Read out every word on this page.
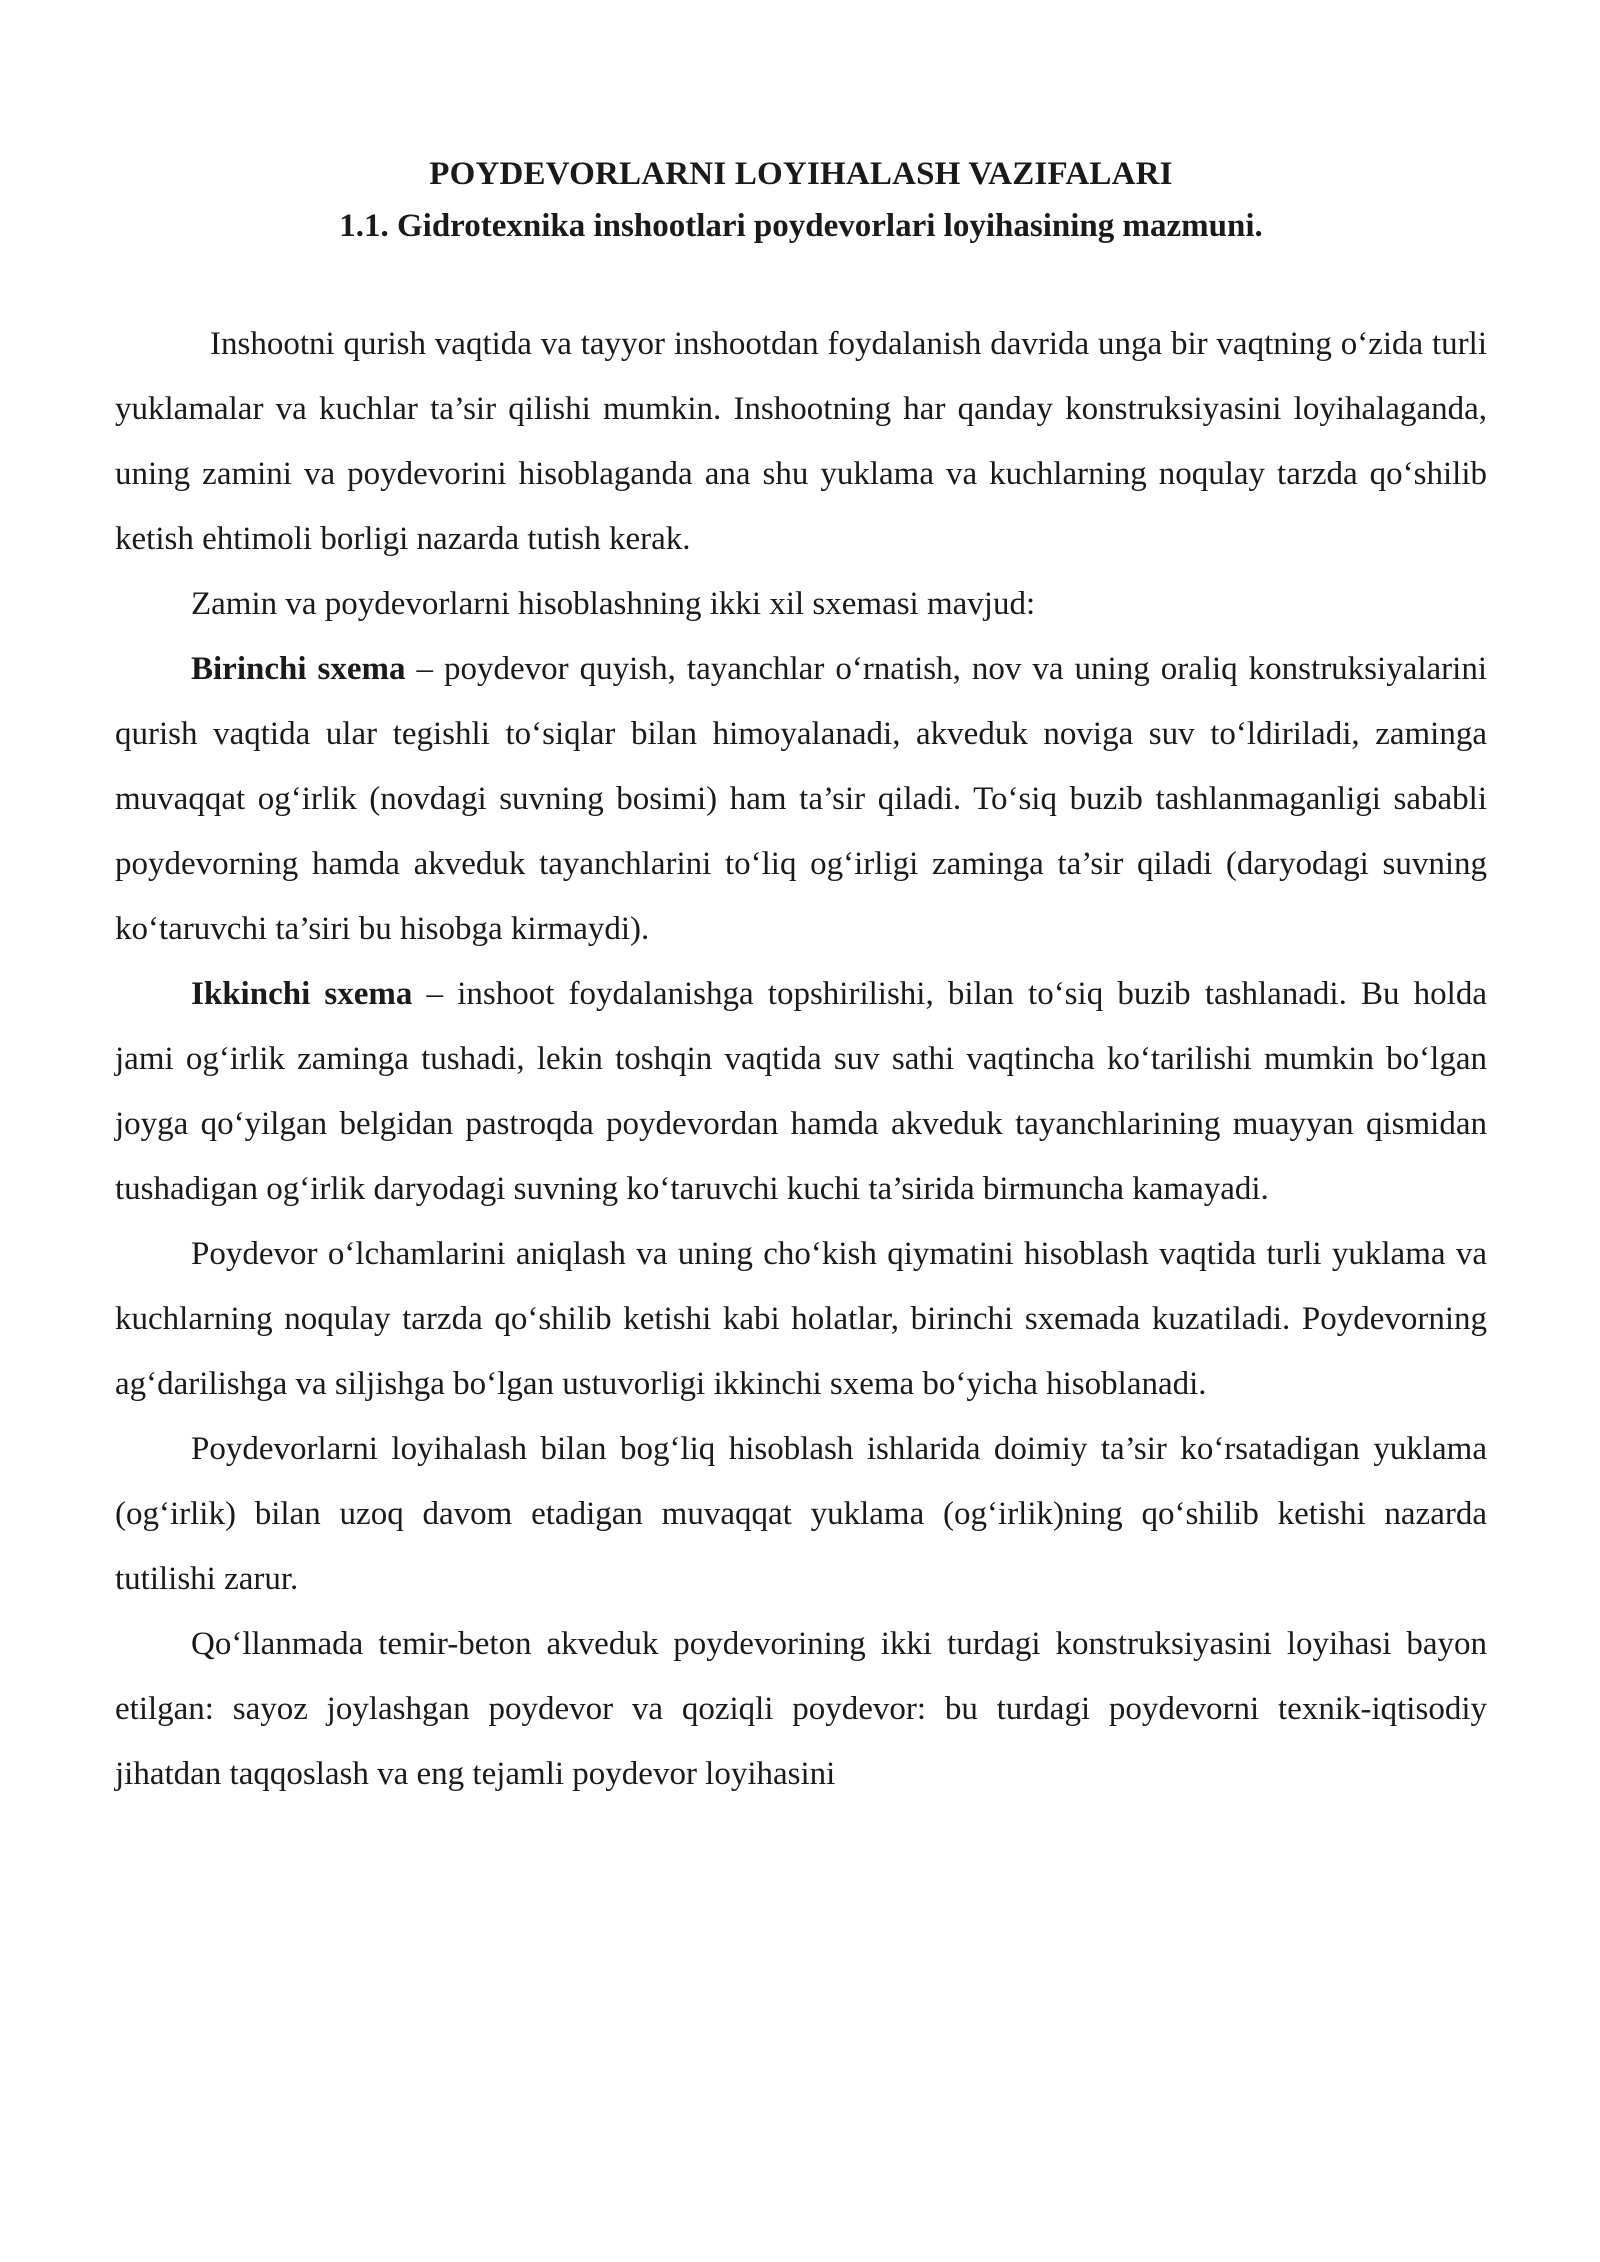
POYDEVORLARNI LOYIHALASH VAZIFALARI
1.1. Gidrotexnika inshootlari poydevorlari loyihasining mazmuni.

Inshootni qurish vaqtida va tayyor inshootdan foydalanish davrida unga bir vaqtning o‘zida turli yuklamalar va kuchlar ta’sir qilishi mumkin. Inshootning har qanday konstruksiyasini loyihalaganda, uning zamini va poydevorini hisoblaganda ana shu yuklama va kuchlarning noqulay tarzda qo‘shilib ketish ehtimoli borligi nazarda tutish kerak.

Zamin va poydevorlarni hisoblashning ikki xil sxemasi mavjud:

Birinchi sxema – poydevor quyish, tayanchlar o‘rnatish, nov va uning oraliq konstruksiyalarini qurish vaqtida ular tegishli to‘siqlar bilan himoyalanadi, akveduk noviga suv to‘ldiriladi, zaminga muvaqqat og‘irlik (novdagi suvning bosimi) ham ta’sir qiladi. To‘siq buzib tashlanmaganligi sababli poydevorning hamda akveduk tayanchlarini to‘liq og‘irligi zaminga ta’sir qiladi (daryodagi suvning ko‘taruvchi ta’siri bu hisobga kirmaydi).

Ikkinchi sxema – inshoot foydalanishga topshirilishi, bilan to‘siq buzib tashlanadi. Bu holda jami og‘irlik zaminga tushadi, lekin toshqin vaqtida suv sathi vaqtincha ko‘tarilishi mumkin bo‘lgan joyga qo‘yilgan belgidan pastroqda poydevordan hamda akveduk tayanchlarining muayyan qismidan tushadigan og‘irlik daryodagi suvning ko‘taruvchi kuchi ta’sirida birmuncha kamayadi.

Poydevor o‘lchamlarini aniqlash va uning cho‘kish qiymatini hisoblash vaqtida turli yuklama va kuchlarning noqulay tarzda qo‘shilib ketishi kabi holatlar, birinchi sxemada kuzatiladi. Poydevorning ag‘darilishga va siljishga bo‘lgan ustuvorligi ikkinchi sxema bo‘yicha hisoblanadi.

Poydevorlarni loyihalash bilan bog‘liq hisoblash ishlarida doimiy ta’sir ko‘rsatadigan yuklama (og‘irlik) bilan uzoq davom etadigan muvaqqat yuklama (og‘irlik)ning qo‘shilib ketishi nazarda tutilishi zarur.

Qo‘llanmada temir-beton akveduk poydevorining ikki turdagi konstruksiyasini loyihasi bayon etilgan: sayoz joylashgan poydevor va qoziqli poydevor: bu turdagi poydevorni texnik-iqtisodiy jihatdan taqqoslash va eng tejamli poydevor loyihasini
